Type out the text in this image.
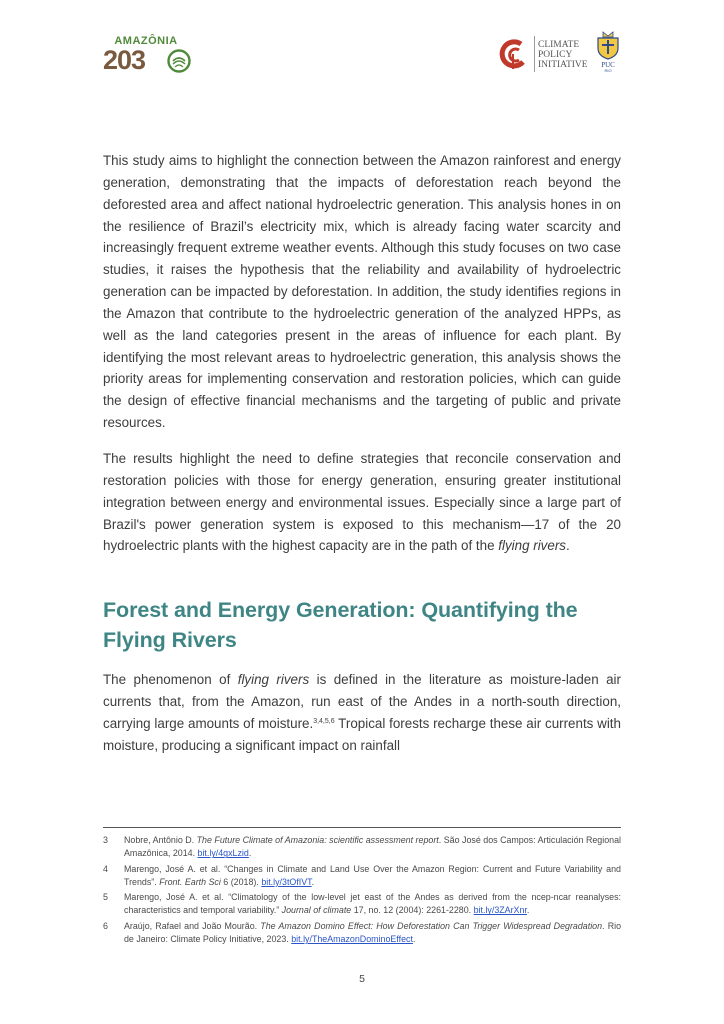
AMAZÔNIA
203	CLIMATE
POLICY
INITIATIVE	PUC
RIO

This study aims to highlight the connection between the Amazon rainforest and energy generation, demonstrating that the impacts of deforestation reach beyond the deforested area and affect national hydroelectric generation. This analysis hones in on the resilience of Brazil’s electricity mix, which is already facing water scarcity and increasingly frequent extreme weather events. Although this study focuses on two case studies, it raises the hypothesis that the reliability and availability of hydroelectric generation can be impacted by deforestation. In addition, the study identifies regions in the Amazon that contribute to the hydroelectric generation of the analyzed HPPs, as well as the land categories present in the areas of influence for each plant. By identifying the most relevant areas to hydroelectric generation, this analysis shows the priority areas for implementing conservation and restoration policies, which can guide the design of effective financial mechanisms and the targeting of public and private resources.

The results highlight the need to define strategies that reconcile conservation and restoration policies with those for energy generation, ensuring greater institutional integration between energy and environmental issues. Especially since a large part of Brazil's power generation system is exposed to this mechanism—17 of the 20 hydroelectric plants with the highest capacity are in the path of the flying rivers.

Forest and Energy Generation: Quantifying the Flying Rivers

The phenomenon of flying rivers is defined in the literature as moisture-laden air currents that, from the Amazon, run east of the Andes in a north-south direction, carrying large amounts of moisture.$^{3,4,5,6}$ Tropical forests recharge these air currents with moisture, producing a significant impact on rainfall

3	Nobre, Antônio D. The Future Climate of Amazonia: scientific assessment report. São José dos Campos: Articulación Regional Amazônica, 2014. bit.ly/4gxLzid.
4	Marengo, José A. et al. “Changes in Climate and Land Use Over the Amazon Region: Current and Future Variability and Trends”. Front. Earth Sci 6 (2018). bit.ly/3tOfIVT.
5	Marengo, José A. et al. “Climatology of the low-level jet east of the Andes as derived from the ncep-ncar reanalyses: characteristics and temporal variability.” Journal of climate 17, no. 12 (2004): 2261-2280. bit.ly/3ZArXnr.
6	Araújo, Rafael and João Mourão. The Amazon Domino Effect: How Deforestation Can Trigger Widespread Degradation. Rio de Janeiro: Climate Policy Initiative, 2023. bit.ly/TheAmazonDominoEffect.
5
